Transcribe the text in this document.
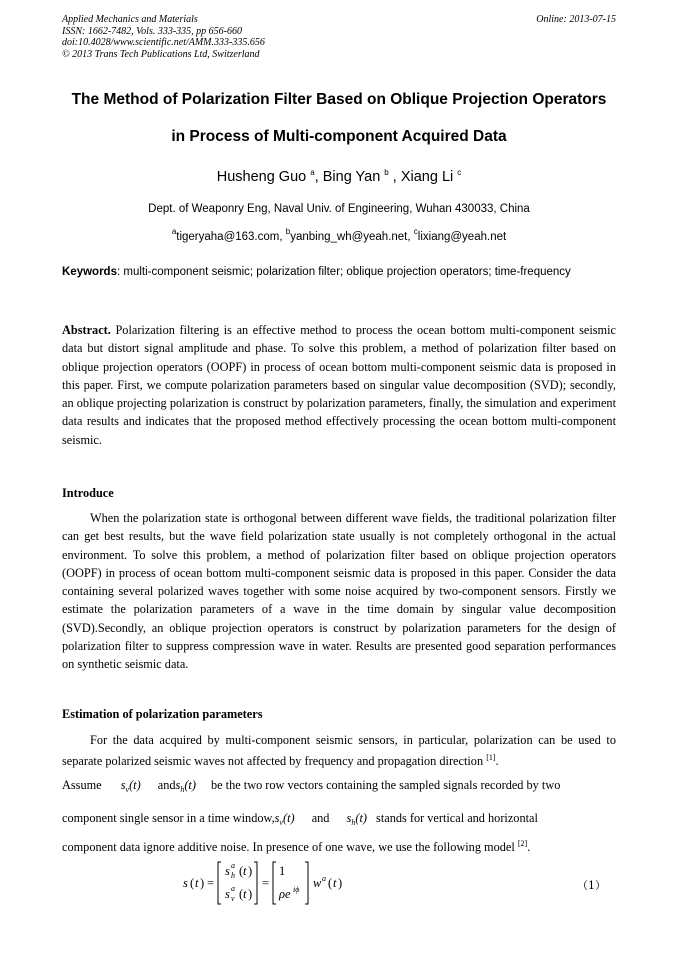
Applied Mechanics and Materials
ISSN: 1662-7482, Vols. 333-335, pp 656-660
doi:10.4028/www.scientific.net/AMM.333-335.656
© 2013 Trans Tech Publications Ltd, Switzerland
Online: 2013-07-15
The Method of Polarization Filter Based on Oblique Projection Operators
in Process of Multi-component Acquired Data
Husheng Guo $^a$, Bing Yan $^b$ , Xiang Li $^c$
Dept. of Weaponry Eng, Naval Univ. of Engineering, Wuhan 430033, China
$^a$tigeryaha@163.com, $^b$yanbing_wh@yeah.net, $^c$lixiang@yeah.net
Keywords: multi-component seismic; polarization filter; oblique projection operators; time-frequency
Abstract. Polarization filtering is an effective method to process the ocean bottom multi-component seismic data but distort signal amplitude and phase. To solve this problem, a method of polarization filter based on oblique projection operators (OOPF) in process of ocean bottom multi-component seismic data is proposed in this paper. First, we compute polarization parameters based on singular value decomposition (SVD); secondly, an oblique projecting polarization is construct by polarization parameters, finally, the simulation and experiment data results and indicates that the proposed method effectively processing the ocean bottom multi-component seismic.
Introduce
When the polarization state is orthogonal between different wave fields, the traditional polarization filter can get best results, but the wave field polarization state usually is not completely orthogonal in the actual environment. To solve this problem, a method of polarization filter based on oblique projection operators (OOPF) in process of ocean bottom multi-component seismic data is proposed in this paper. Consider the data containing several polarized waves together with some noise acquired by two-component sensors. Firstly we estimate the polarization parameters of a wave in the time domain by singular value decomposition (SVD).Secondly, an oblique projection operators is construct by polarization parameters for the design of polarization filter to suppress compression wave in water. Results are presented good separation performances on synthetic seismic data.
Estimation of polarization parameters
For the data acquired by multi-component seismic sensors, in particular, polarization can be used to separate polarized seismic waves not affected by frequency and propagation direction [1].
Assume $s_v(t)$ ands$_h$(t) be the two row vectors containing the sampled signals recorded by two
component single sensor in a time $window,s_v(t)$ and $s_h(t)$ stands for vertical and horizontal
component data ignore additive noise. In presence of one wave, we use the following model [2].
s ( t ) =
s h
a ( t )
s v
a ( t )
=
1
ρe iϕ w a ( t )	（1）
